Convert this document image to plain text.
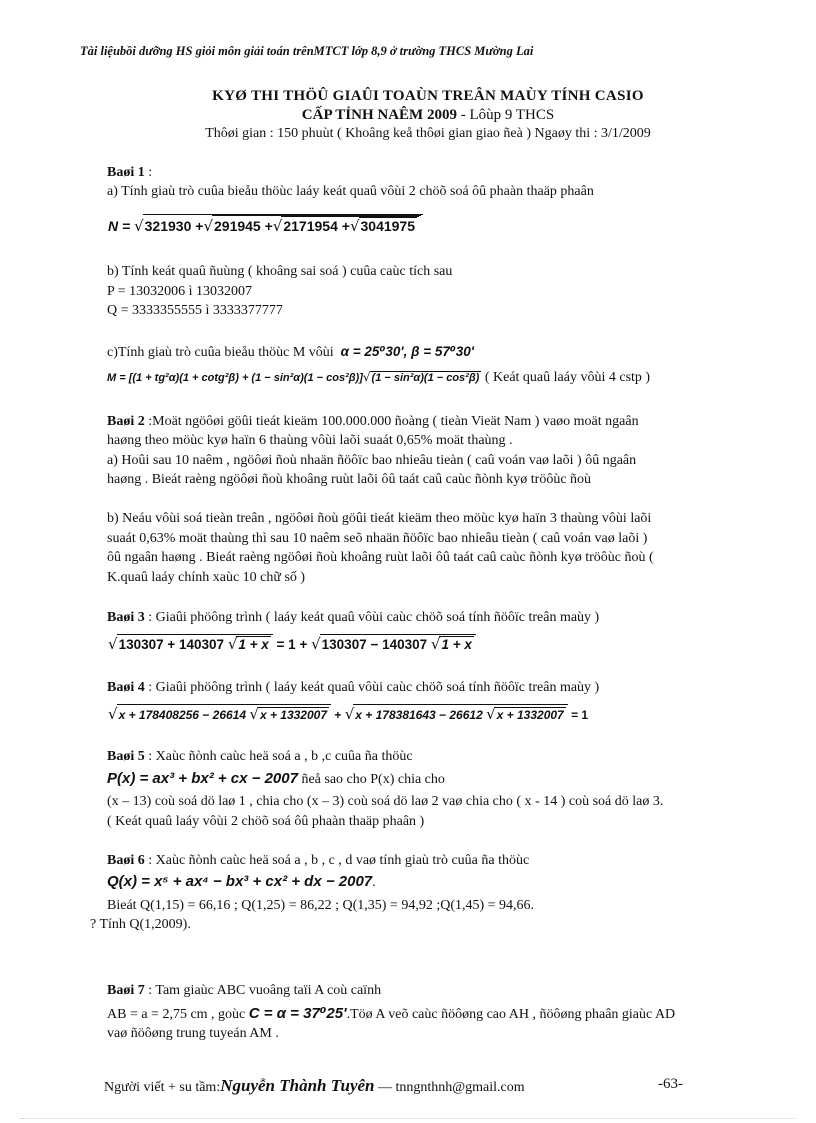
Tài liệubồi dưỡng HS giỏi môn giải toán trênMTCT lớp 8,9 ở trường THCS Mường Lai
KYØ THI THÖÛ GIAÛI TOAÙN TREÂN MAÙY TÍNH CASIO
CẤP TỈNH NAÊM 2009 - Lôùp 9 THCS
Thôøi gian : 150 phuùt ( Khoâng keå thôøi gian giao ñeà ) Ngaøy thi : 3/1/2009
Baøi 1 :
a) Tính giaù trò cuûa bieåu thöùc laáy keát quaû vôùi 2 chöõ soá ôû phaàn thaäp phaân
N = √321930 +√291945 +√2171954 +√3041975
b) Tính keát quaû ñuùng ( khoâng sai soá ) cuûa caùc tích sau
P = 13032006 ì 13032007
Q = 3333355555 ì 3333377777
c)Tính giaù trò cuûa bieåu thöùc M vôùi α = 25⁰30', β = 57⁰30'
M = [(1 + tg²α)(1 + cotg²β) + (1 − sin²α)(1 − cos²β)]√(1 − sin²α)(1 − cos²β) ( Keát quaû laáy vôùi 4 cstp )
Baøi 2 :Moät ngöôøi göûi tieát kieäm 100.000.000 ñoàng ( tieàn Vieät Nam ) vaøo moät ngaân
haøng theo möùc kyø haïn 6 thaùng vôùi laõi suaát 0,65% moät thaùng .
a) Hoûi sau 10 naêm , ngöôøi ñoù nhaän ñöôïc bao nhieâu tieàn ( caû voán vaø laõi ) ôû ngaân
haøng . Bieát raèng ngöôøi ñoù khoâng ruùt laõi ôû taát caû caùc ñònh kyø tröôùc ñoù
b) Neáu vôùi soá tieàn treân , ngöôøi ñoù göûi tieát kieäm theo möùc kyø haïn 3 thaùng vôùi laõi
suaát 0,63% moät thaùng thì sau 10 naêm seõ nhaän ñöôïc bao nhieâu tieàn ( caû voán vaø laõi )
ôû ngaân haøng . Bieát raèng ngöôøi ñoù khoâng ruùt laõi ôû taát caû caùc ñònh kyø tröôùc ñoù (
K.quaû laáy chính xaùc 10 chữ số )
Baøi 3 : Giaûi phöông trình ( laáy keát quaû vôùi caùc chöõ soá tính ñöôïc treân maùy )
√130307 + 140307 √1 + x = 1 + √130307 − 140307 √1 + x
Baøi 4 : Giaûi phöông trình ( laáy keát quaû vôùi caùc chöõ soá tính ñöôïc treân maùy )
√x + 178408256 − 26614 √x + 1332007 + √x + 178381643 − 26612 √x + 1332007 = 1
Baøi 5 : Xaùc ñònh caùc heä soá a , b ,c cuûa ña thöùc
P(x) = ax³ + bx² + cx − 2007 ñeå sao cho P(x) chia cho
(x – 13) coù soá dö laø 1 , chia cho (x – 3) coù soá dö laø 2 vaø chia cho ( x - 14 ) coù soá dö laø 3.
( Keát quaû laáy vôùi 2 chöõ soá ôû phaàn thaäp phaân )
Baøi 6 : Xaùc ñònh caùc heä soá a , b , c , d vaø tính giaù trò cuûa ña thöùc
Q(x) = x⁵ + ax⁴ − bx³ + cx² + dx − 2007.
Bieát Q(1,15) = 66,16 ; Q(1,25) = 86,22 ; Q(1,35) = 94,92 ;Q(1,45) = 94,66.
? Tính Q(1,2009).
Baøi 7 : Tam giaùc ABC vuoâng taïi A coù caïnh
AB = a = 2,75 cm , goùc C = α = 37⁰25'.Töø A veõ caùc ñöôøng cao AH , ñöôøng phaân giaùc AD
vaø ñöôøng trung tuyeán AM .
Người viết + su tầm:Nguyễn Thành Tuyên — tnngnthnh@gmail.com	-63-
